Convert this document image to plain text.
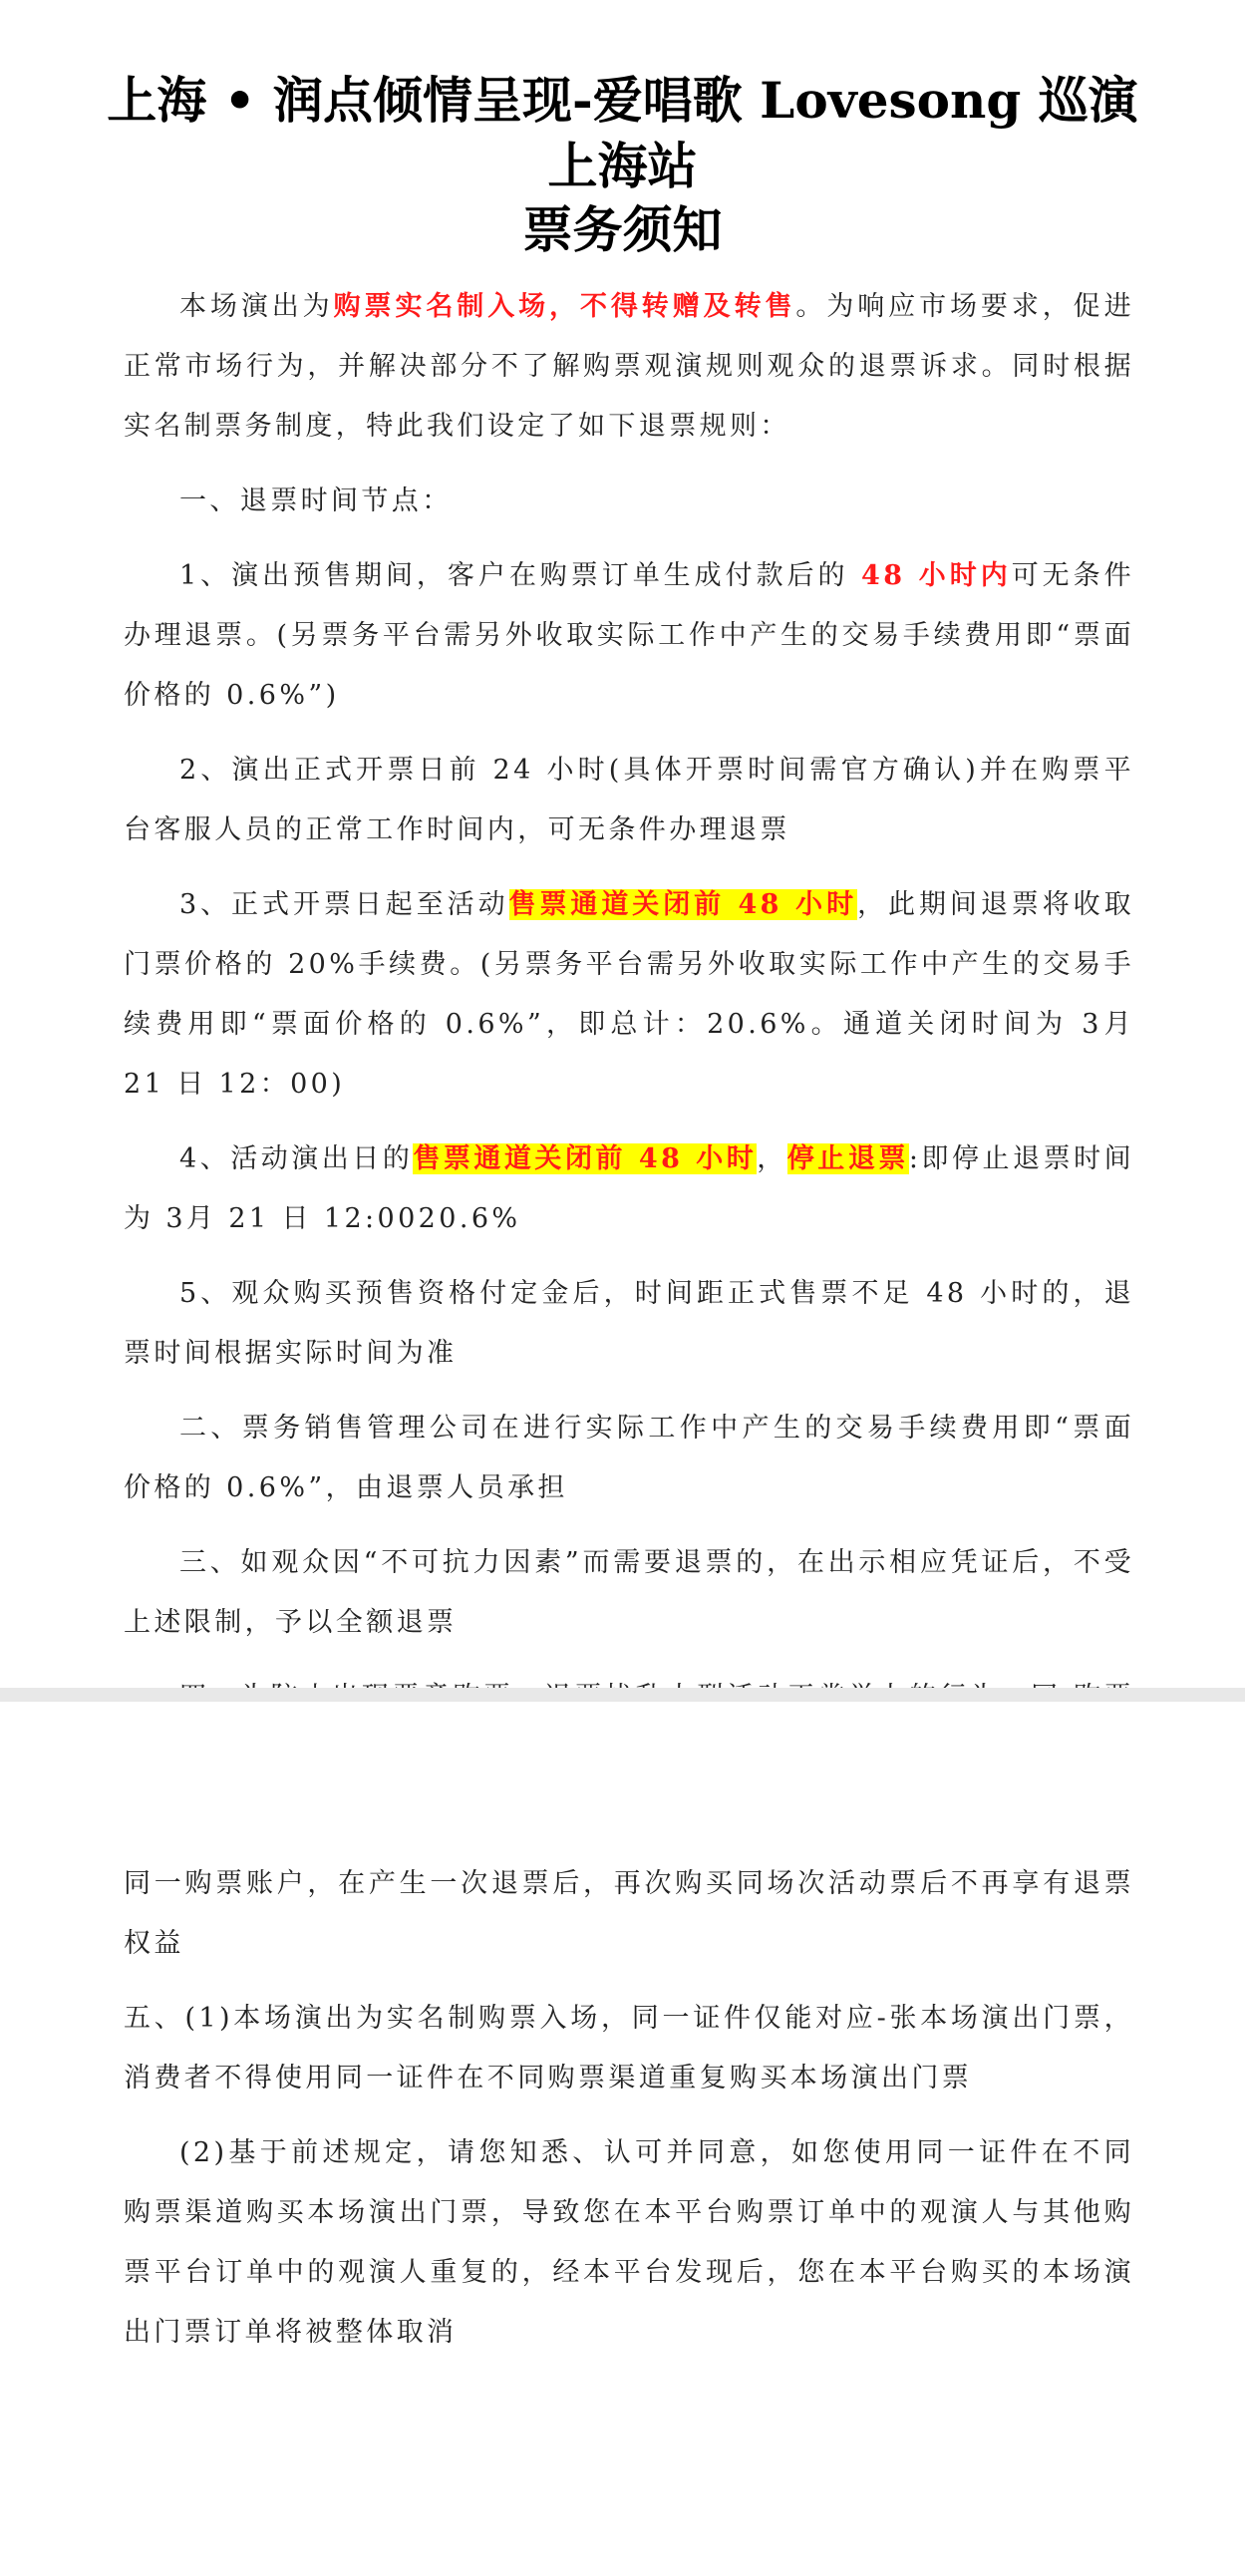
上海 • 润点倾情呈现-爱唱歌 Lovesong 巡演
上海站
票务须知

本场演出为购票实名制入场，不得转赠及转售。为响应市场要求，促进正常市场行为，并解决部分不了解购票观演规则观众的退票诉求。同时根据实名制票务制度，特此我们设定了如下退票规则：

一、退票时间节点：

1、演出预售期间，客户在购票订单生成付款后的 48 小时内可无条件办理退票。(另票务平台需另外收取实际工作中产生的交易手续费用即“票面价格的 0.6%”)

2、演出正式开票日前 24 小时(具体开票时间需官方确认)并在购票平台客服人员的正常工作时间内，可无条件办理退票

3、正式开票日起至活动售票通道关闭前 48 小时，此期间退票将收取门票价格的 20%手续费。(另票务平台需另外收取实际工作中产生的交易手续费用即“票面价格的 0.6%”，即总计：20.6%。通道关闭时间为 3月 21 日 12：00)

4、活动演出日的售票通道关闭前 48 小时，停止退票:即停止退票时间为 3月 21 日 12:0020.6%

5、观众购买预售资格付定金后，时间距正式售票不足 48 小时的，退票时间根据实际时间为准

二、票务销售管理公司在进行实际工作中产生的交易手续费用即“票面价格的 0.6%”，由退票人员承担

三、如观众因“不可抗力因素”而需要退票的，在出示相应凭证后，不受上述限制，予以全额退票

同一购票账户，在产生一次退票后，再次购买同场次活动票后不再享有退票权益

五、(1)本场演出为实名制购票入场，同一证件仅能对应-张本场演出门票，消费者不得使用同一证件在不同购票渠道重复购买本场演出门票

(2)基于前述规定，请您知悉、认可并同意，如您使用同一证件在不同购票渠道购买本场演出门票，导致您在本平台购票订单中的观演人与其他购票平台订单中的观演人重复的，经本平台发现后，您在本平台购买的本场演出门票订单将被整体取消
